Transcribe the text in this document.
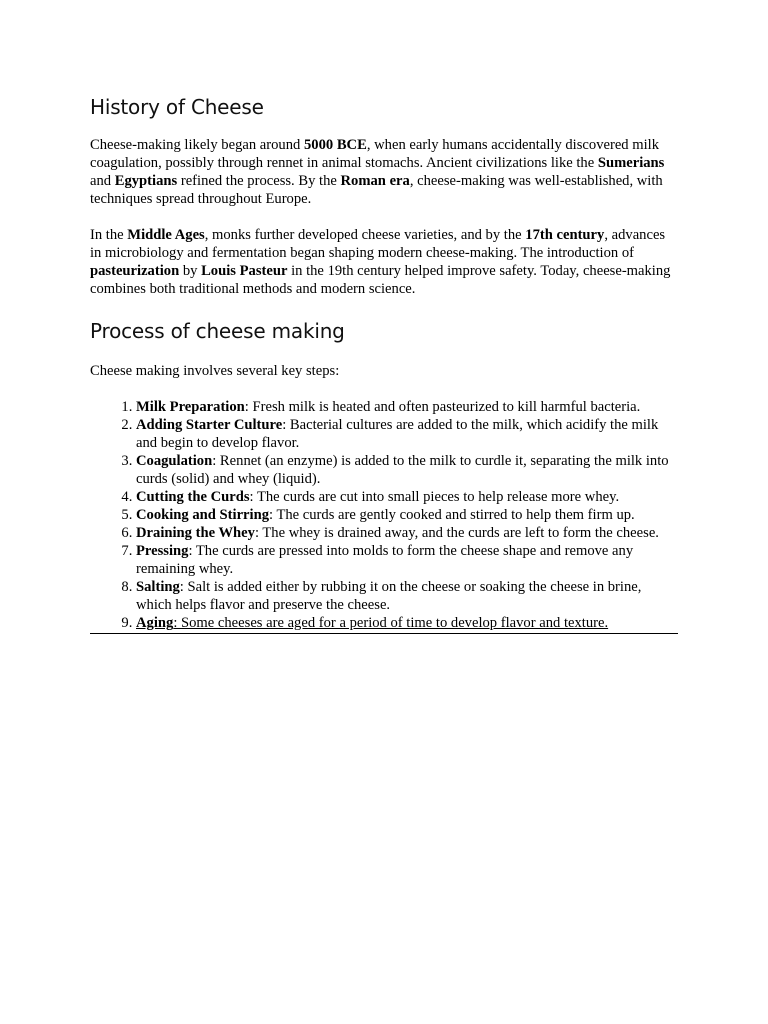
History of Cheese

Cheese-making likely began around 5000 BCE, when early humans accidentally discovered milk coagulation, possibly through rennet in animal stomachs. Ancient civilizations like the Sumerians and Egyptians refined the process. By the Roman era, cheese-making was well-established, with techniques spread throughout Europe.

In the Middle Ages, monks further developed cheese varieties, and by the 17th century, advances in microbiology and fermentation began shaping modern cheese-making. The introduction of pasteurization by Louis Pasteur in the 19th century helped improve safety. Today, cheese-making combines both traditional methods and modern science.

Process of cheese making

Cheese making involves several key steps:

1. Milk Preparation: Fresh milk is heated and often pasteurized to kill harmful bacteria.
2. Adding Starter Culture: Bacterial cultures are added to the milk, which acidify the milk and begin to develop flavor.
3. Coagulation: Rennet (an enzyme) is added to the milk to curdle it, separating the milk into curds (solid) and whey (liquid).
4. Cutting the Curds: The curds are cut into small pieces to help release more whey.
5. Cooking and Stirring: The curds are gently cooked and stirred to help them firm up.
6. Draining the Whey: The whey is drained away, and the curds are left to form the cheese.
7. Pressing: The curds are pressed into molds to form the cheese shape and remove any remaining whey.
8. Salting: Salt is added either by rubbing it on the cheese or soaking the cheese in brine, which helps flavor and preserve the cheese.
9. Aging: Some cheeses are aged for a period of time to develop flavor and texture.
